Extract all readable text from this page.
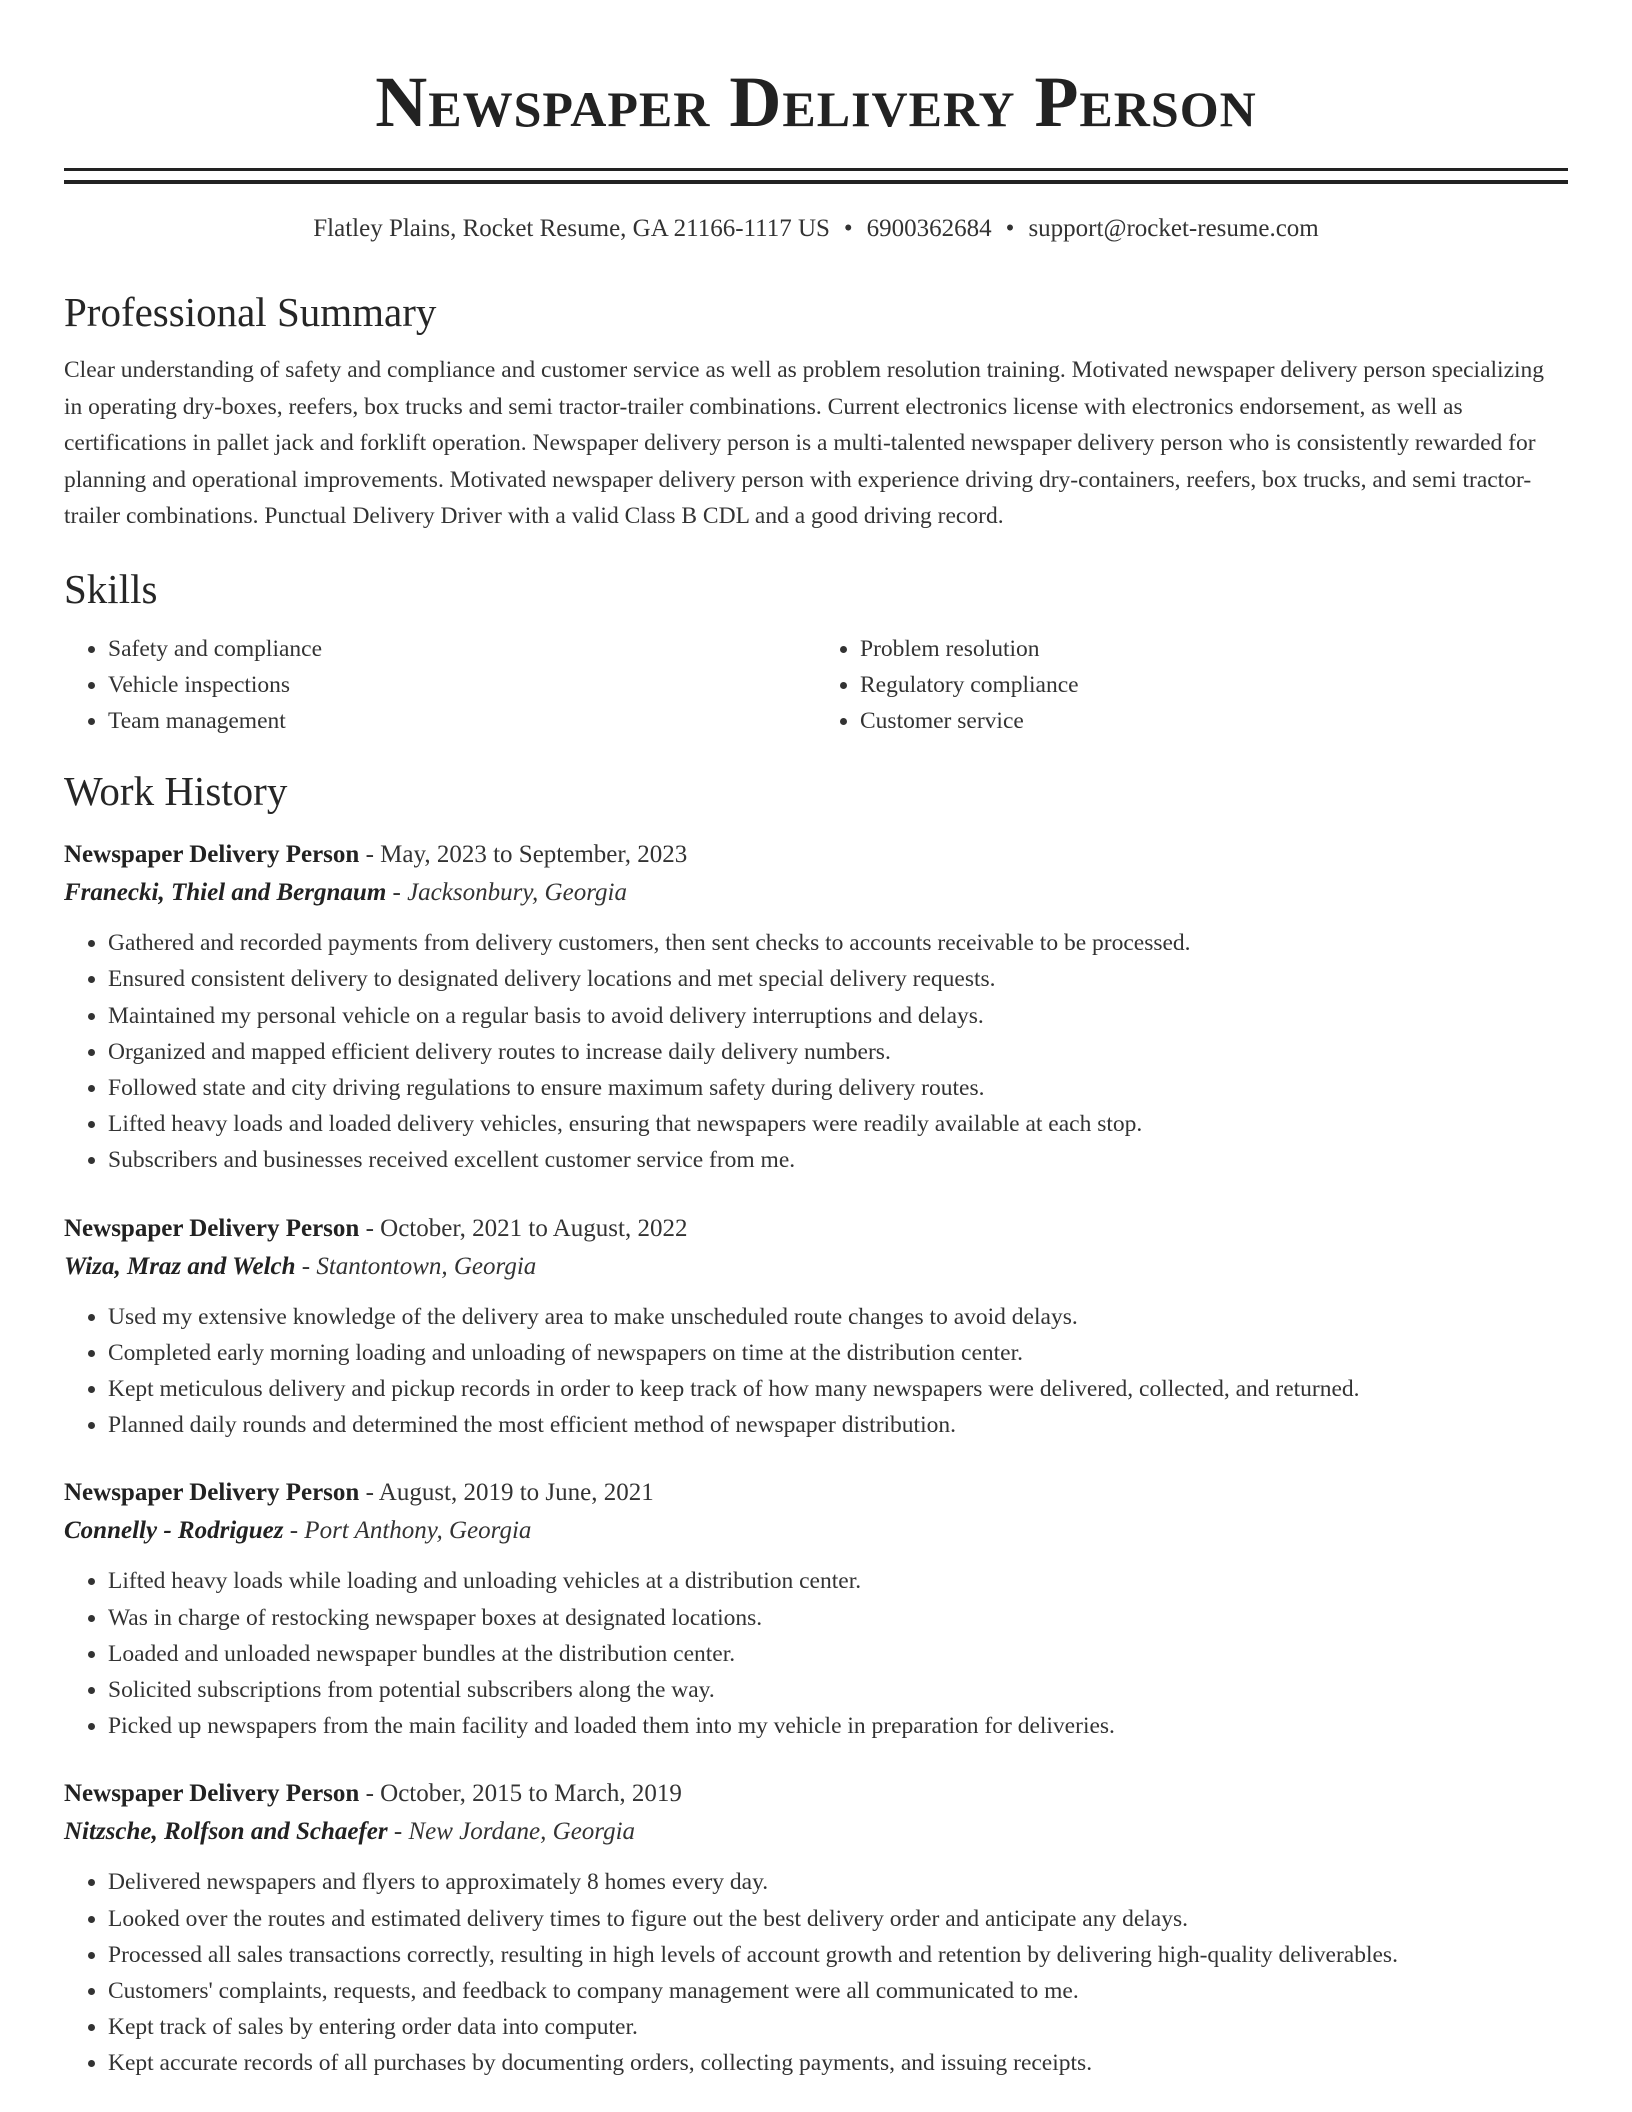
Newspaper Delivery Person
Flatley Plains, Rocket Resume, GA 21166-1117 US • 6900362684 • support@rocket-resume.com
Professional Summary

Clear understanding of safety and compliance and customer service as well as problem resolution training. Motivated newspaper delivery person specializing in operating dry-boxes, reefers, box trucks and semi tractor-trailer combinations. Current electronics license with electronics endorsement, as well as certifications in pallet jack and forklift operation. Newspaper delivery person is a multi-talented newspaper delivery person who is consistently rewarded for planning and operational improvements. Motivated newspaper delivery person with experience driving dry-containers, reefers, box trucks, and semi tractor-trailer combinations. Punctual Delivery Driver with a valid Class B CDL and a good driving record.

Skills
• Safety and compliance
• Vehicle inspections
• Team management
• Problem resolution
• Regulatory compliance
• Customer service
Work History
Newspaper Delivery Person - May, 2023 to September, 2023
Franecki, Thiel and Bergnaum - Jacksonbury, Georgia
• Gathered and recorded payments from delivery customers, then sent checks to accounts receivable to be processed.
• Ensured consistent delivery to designated delivery locations and met special delivery requests.
• Maintained my personal vehicle on a regular basis to avoid delivery interruptions and delays.
• Organized and mapped efficient delivery routes to increase daily delivery numbers.
• Followed state and city driving regulations to ensure maximum safety during delivery routes.
• Lifted heavy loads and loaded delivery vehicles, ensuring that newspapers were readily available at each stop.
• Subscribers and businesses received excellent customer service from me.
Newspaper Delivery Person - October, 2021 to August, 2022
Wiza, Mraz and Welch - Stantontown, Georgia
• Used my extensive knowledge of the delivery area to make unscheduled route changes to avoid delays.
• Completed early morning loading and unloading of newspapers on time at the distribution center.
• Kept meticulous delivery and pickup records in order to keep track of how many newspapers were delivered, collected, and returned.
• Planned daily rounds and determined the most efficient method of newspaper distribution.
Newspaper Delivery Person - August, 2019 to June, 2021
Connelly - Rodriguez - Port Anthony, Georgia
• Lifted heavy loads while loading and unloading vehicles at a distribution center.
• Was in charge of restocking newspaper boxes at designated locations.
• Loaded and unloaded newspaper bundles at the distribution center.
• Solicited subscriptions from potential subscribers along the way.
• Picked up newspapers from the main facility and loaded them into my vehicle in preparation for deliveries.
Newspaper Delivery Person - October, 2015 to March, 2019
Nitzsche, Rolfson and Schaefer - New Jordane, Georgia
• Delivered newspapers and flyers to approximately 8 homes every day.
• Looked over the routes and estimated delivery times to figure out the best delivery order and anticipate any delays.
• Processed all sales transactions correctly, resulting in high levels of account growth and retention by delivering high-quality deliverables.
• Customers' complaints, requests, and feedback to company management were all communicated to me.
• Kept track of sales by entering order data into computer.
• Kept accurate records of all purchases by documenting orders, collecting payments, and issuing receipts.
